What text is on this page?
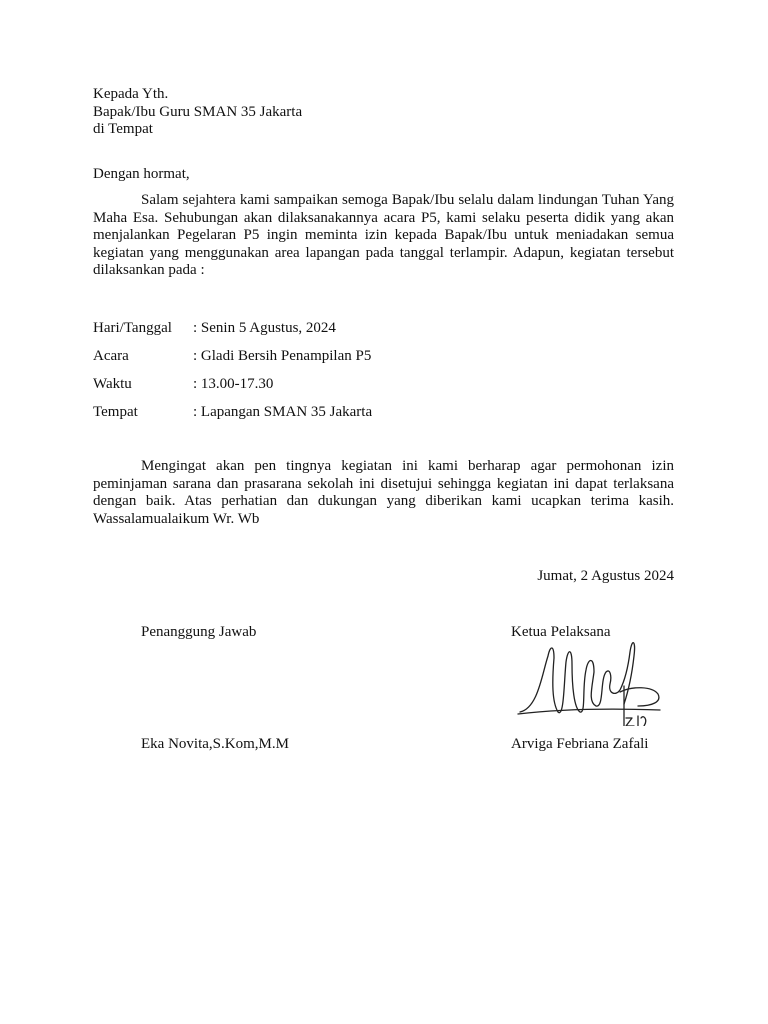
Kepada Yth.
Bapak/Ibu Guru SMAN 35 Jakarta
di Tempat
Dengan hormat,

Salam sejahtera kami sampaikan semoga Bapak/Ibu selalu dalam lindungan Tuhan Yang Maha Esa. Sehubungan akan dilaksanakannya acara P5, kami selaku peserta didik yang akan menjalankan Pegelaran P5 ingin meminta izin kepada Bapak/Ibu untuk meniadakan semua kegiatan yang menggunakan area lapangan pada tanggal terlampir. Adapun, kegiatan tersebut dilaksankan pada :

Hari/Tanggal : Senin 5 Agustus, 2024
Acara	: Gladi Bersih Penampilan P5
Waktu	: 13.00-17.30
Tempat	: Lapangan SMAN 35 Jakarta

Mengingat akan pen tingnya kegiatan ini kami berharap agar permohonan izin peminjaman sarana dan prasarana sekolah ini disetujui sehingga kegiatan ini dapat terlaksana dengan baik. Atas perhatian dan dukungan yang diberikan kami ucapkan terima kasih. Wassalamualaikum Wr. Wb

Jumat, 2 Agustus 2024
Penanggung Jawab	Ketua Pelaksana
Eka Novita,S.Kom,M.M	Arviga Febriana Zafali
